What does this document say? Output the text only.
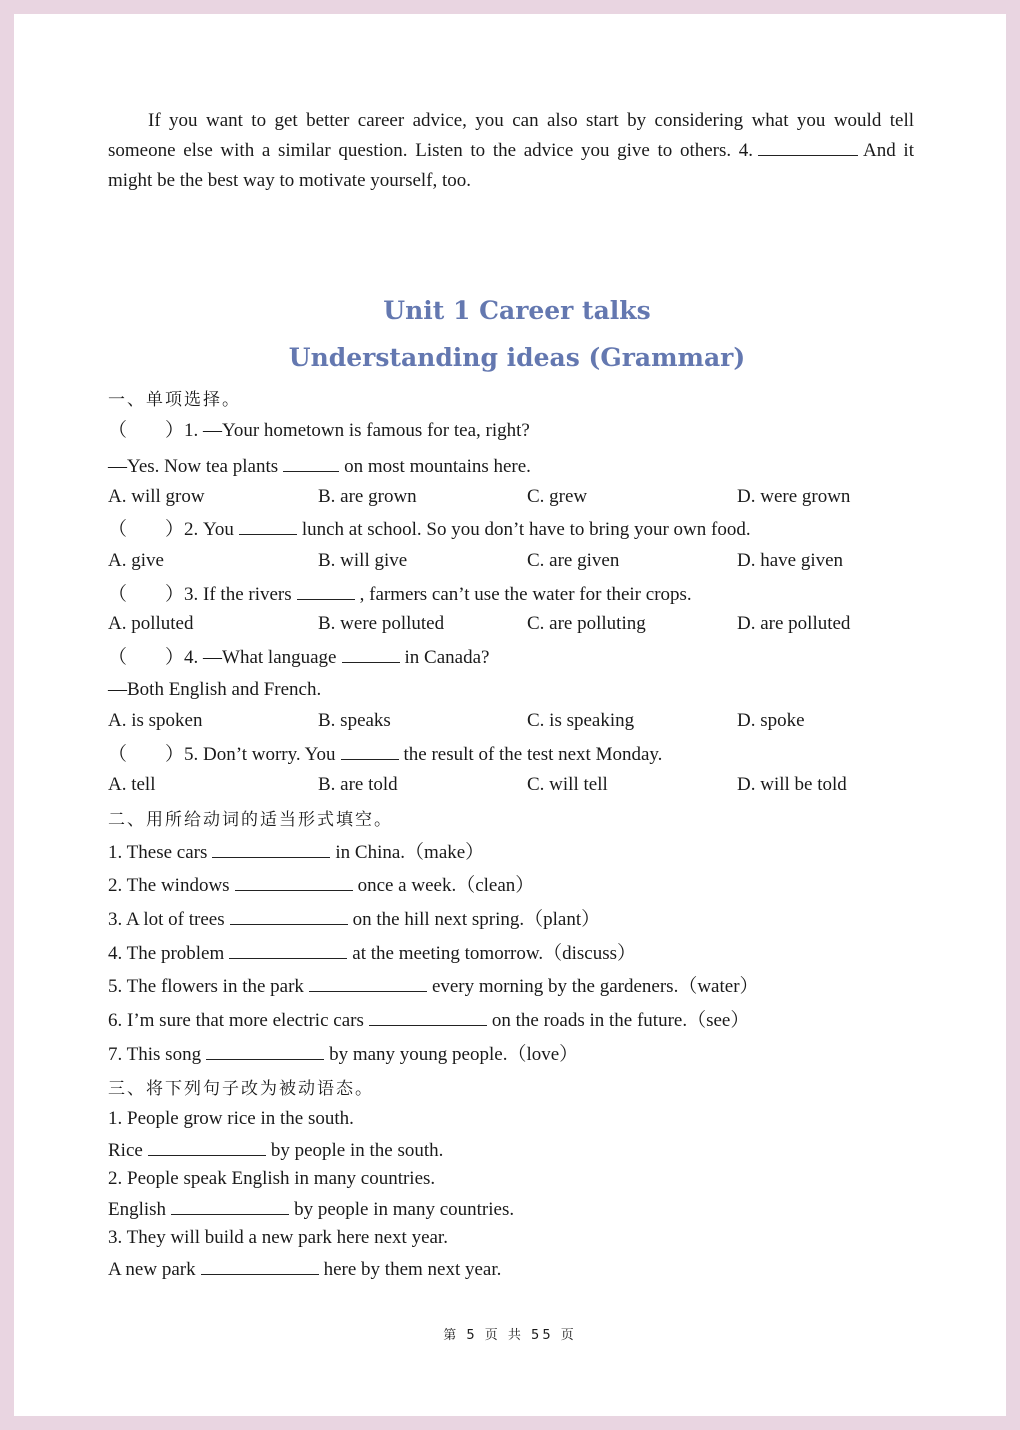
If you want to get better career advice, you can also start by considering what you would tell someone else with a similar question. Listen to the advice you give to others. 4.	And it might be the best way to motivate yourself, too.
Unit 1 Career talks
Understanding ideas (Grammar)
一、单项选择。
（　　）1. —Your hometown is famous for tea, right?
—Yes. Now tea plants	on most mountains here.
A. will grow	B. are grown	C. grew	D. were grown
（　　）2. You	lunch at school. So you don’t have to bring your own food.
A. give	B. will give	C. are given	D. have given
（　　）3. If the rivers	, farmers can’t use the water for their crops.
A. polluted	B. were polluted	C. are polluting	D. are polluted
（　　）4. —What language	in Canada?
—Both English and French.
A. is spoken	B. speaks	C. is speaking	D. spoke
（　　）5. Don’t worry. You	the result of the test next Monday.
A. tell	B. are told	C. will tell	D. will be told
二、用所给动词的适当形式填空。
1. These cars	in China.（make）
2. The windows	once a week.（clean）
3. A lot of trees	on the hill next spring.（plant）
4. The problem	at the meeting tomorrow.（discuss）
5. The flowers in the park	every morning by the gardeners.（water）
6. I’m sure that more electric cars	on the roads in the future.（see）
7. This song	by many young people.（love）
三、将下列句子改为被动语态。
1. People grow rice in the south.
Rice	by people in the south.
2. People speak English in many countries.
English	by people in many countries.
3. They will build a new park here next year.
A new park	here by them next year.
第 5 页 共 55 页
